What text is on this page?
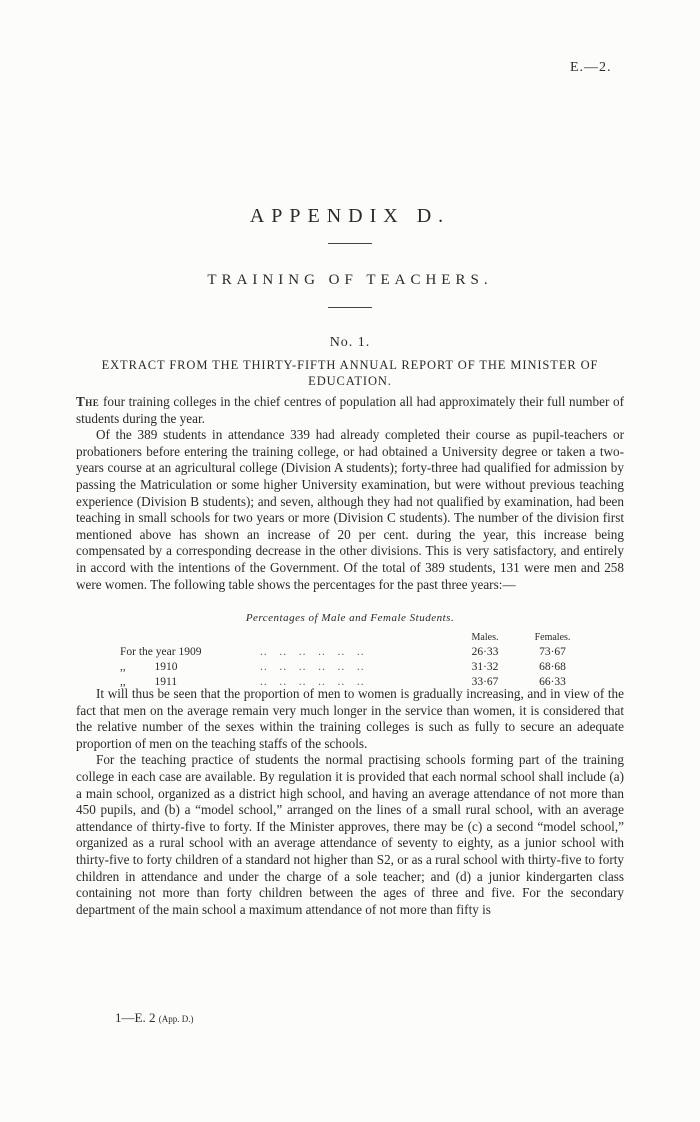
E.—2.
APPENDIX D.
TRAINING OF TEACHERS.
No. 1.
EXTRACT FROM THE THIRTY-FIFTH ANNUAL REPORT OF THE MINISTER OF EDUCATION.

The four training colleges in the chief centres of population all had approximately their full number of students during the year.

Of the 389 students in attendance 339 had already completed their course as pupil-teachers or probationers before entering the training college, or had obtained a University degree or taken a two-years course at an agricultural college (Division A students); forty-three had qualified for admission by passing the Matriculation or some higher University examination, but were without previous teaching experience (Division B students); and seven, although they had not qualified by examination, had been teaching in small schools for two years or more (Division C students). The number of the division first mentioned above has shown an increase of 20 per cent. during the year, this increase being compensated by a corresponding decrease in the other divisions. This is very satisfactory, and entirely in accord with the intentions of the Government. Of the total of 389 students, 131 were men and 258 were women. The following table shows the percentages for the past three years:—

Percentages of Male and Female Students.
Males.	Females.
For the year 1909	..   ..   ..   ..   ..   ..	26·33	73·67
,,          1910	..   ..   ..   ..   ..   ..	31·32	68·68
,,          1911	..   ..   ..   ..   ..   ..	33·67	66·33

It will thus be seen that the proportion of men to women is gradually increasing, and in view of the fact that men on the average remain very much longer in the service than women, it is considered that the relative number of the sexes within the training colleges is such as fully to secure an adequate proportion of men on the teaching staffs of the schools.

For the teaching practice of students the normal practising schools forming part of the training college in each case are available. By regulation it is provided that each normal school shall include (a) a main school, organized as a district high school, and having an average attendance of not more than 450 pupils, and (b) a “model school,” arranged on the lines of a small rural school, with an average attendance of thirty-five to forty. If the Minister approves, there may be (c) a second “model school,” organized as a rural school with an average attendance of seventy to eighty, as a junior school with thirty-five to forty children of a standard not higher than S2, or as a rural school with thirty-five to forty children in attendance and under the charge of a sole teacher; and (d) a junior kindergarten class containing not more than forty children between the ages of three and five. For the secondary department of the main school a maximum attendance of not more than fifty is

1—E. 2 (App. D.)
